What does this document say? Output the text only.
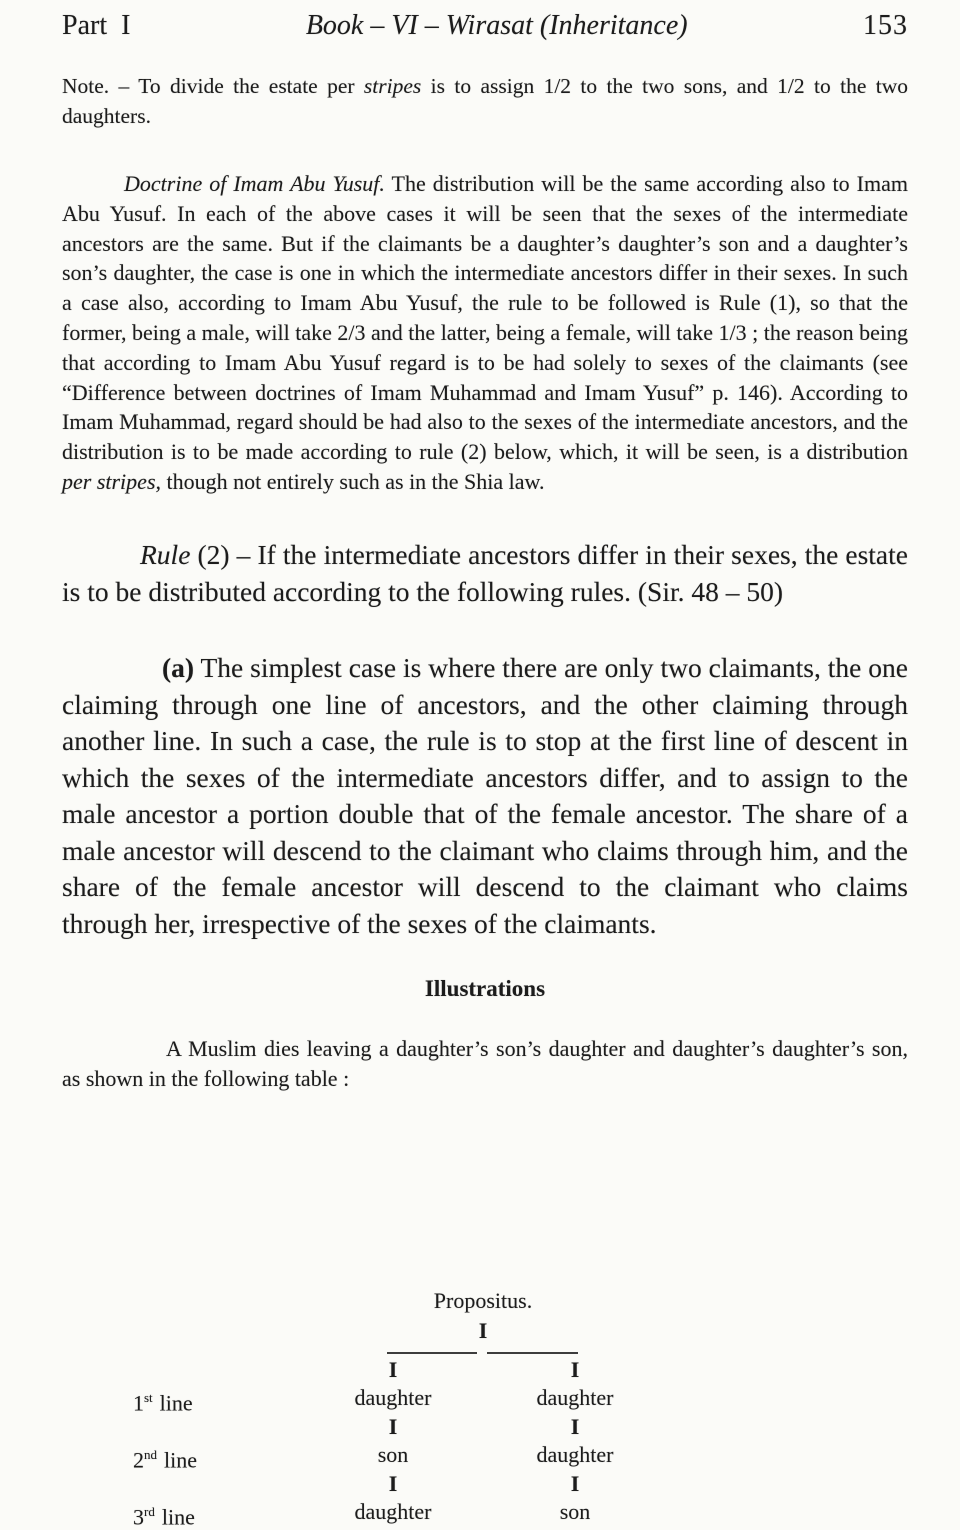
Part  I	Book – VI – Wirasat (Inheritance)	153

Note. – To divide the estate per stripes is to assign 1/2 to the two sons, and 1/2 to the two daughters.

Doctrine of Imam Abu Yusuf. The distribution will be the same according also to Imam Abu Yusuf. In each of the above cases it will be seen that the sexes of the intermediate ancestors are the same. But if the claimants be a daughter’s daughter’s son and a daughter’s son’s daughter, the case is one in which the intermediate ancestors differ in their sexes. In such a case also, according to Imam Abu Yusuf, the rule to be followed is Rule (1), so that the former, being a male, will take 2/3 and the latter, being a female, will take 1/3 ; the reason being that according to Imam Abu Yusuf regard is to be had solely to sexes of the claimants (see “Difference between doctrines of Imam Muhammad and Imam Yusuf” p. 146). According to Imam Muhammad, regard should be had also to the sexes of the intermediate ancestors, and the distribution is to be made according to rule (2) below, which, it will be seen, is a distribution per stripes, though not entirely such as in the Shia law.

Rule (2) – If the intermediate ancestors differ in their sexes, the estate is to be distributed according to the following rules. (Sir. 48 – 50)

(a) The simplest case is where there are only two claimants, the one claiming through one line of ancestors, and the other claiming through another line. In such a case, the rule is to stop at the first line of descent in which the sexes of the intermediate ancestors differ, and to assign to the male ancestor a portion double that of the female ancestor. The share of a male ancestor will descend to the claimant who claims through him, and the share of the female ancestor will descend to the claimant who claims through her, irrespective of the sexes of the claimants.

Illustrations

A Muslim dies leaving a daughter’s son’s daughter and daughter’s daughter’s son, as shown in the following table :

Propositus.
I
I
daughter
I
son
I
daughter
I
daughter
I
daughter
I
son
1st line
2nd line
3rd line
